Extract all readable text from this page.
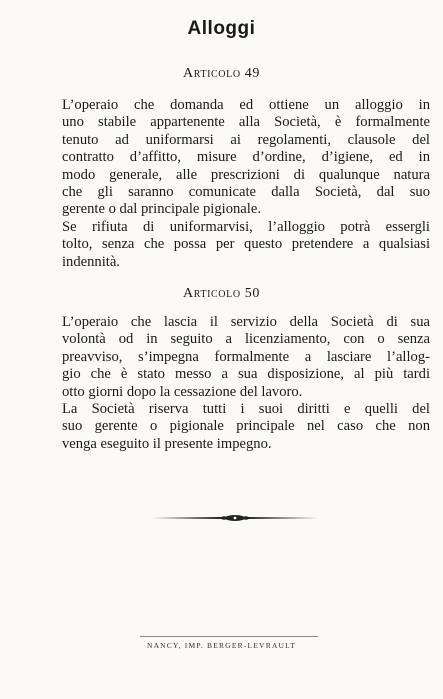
Alloggi
Articolo 49

L’operaio che domanda ed ottiene un alloggio in
uno stabile appartenente alla Società, è formalmente
tenuto ad uniformarsi ai regolamenti, clausole del
contratto d’affitto, misure d’ordine, d’igiene, ed in
modo generale, alle prescrizioni di qualunque natura
che gli saranno comunicate dalla Società, dal suo
gerente o dal principale pigionale.

Se rifiuta di uniformarvisi, l’alloggio potrà essergli
tolto, senza che possa per questo pretendere a qualsiasi
indennità.

Articolo 50

L’operaio che lascia il servizio della Società di sua
volontà od in seguito a licenziamento, con o senza
preavviso, s’impegna formalmente a lasciare l’allog-
gio che è stato messo a sua disposizione, al più tardi
otto giorni dopo la cessazione del lavoro.

La Società riserva tutti i suoi diritti e quelli del
suo gerente o pigionale principale nel caso che non
venga eseguito il presente impegno.

NANCY, IMP. BERGER-LEVRAULT
